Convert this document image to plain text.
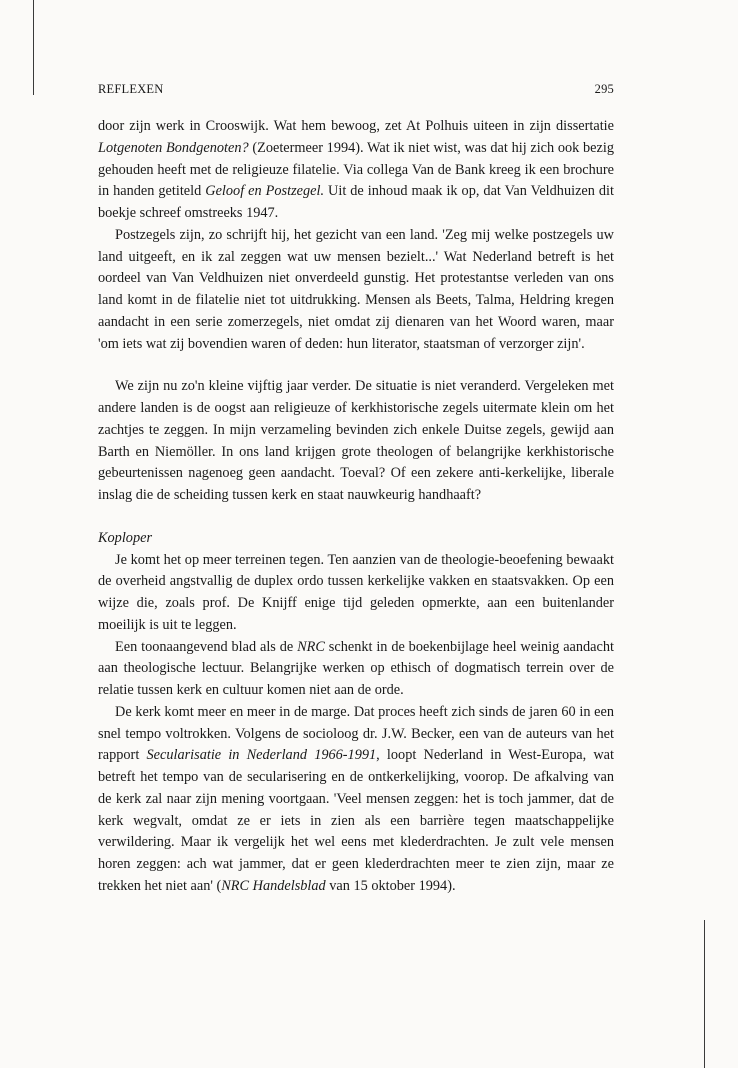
REFLEXEN	295

door zijn werk in Crooswijk. Wat hem bewoog, zet At Polhuis uiteen in zijn dissertatie Lotgenoten Bondgenoten? (Zoetermeer 1994). Wat ik niet wist, was dat hij zich ook bezig gehouden heeft met de religieuze filatelie. Via collega Van de Bank kreeg ik een brochure in handen getiteld Geloof en Postzegel. Uit de inhoud maak ik op, dat Van Veldhuizen dit boekje schreef omstreeks 1947.

Postzegels zijn, zo schrijft hij, het gezicht van een land. 'Zeg mij welke postzegels uw land uitgeeft, en ik zal zeggen wat uw mensen bezielt...' Wat Nederland betreft is het oordeel van Van Veldhuizen niet onverdeeld gunstig. Het protestantse verleden van ons land komt in de filatelie niet tot uitdrukking. Mensen als Beets, Talma, Heldring kregen aandacht in een serie zomerzegels, niet omdat zij dienaren van het Woord waren, maar 'om iets wat zij bovendien waren of deden: hun literator, staatsman of verzorger zijn'.

We zijn nu zo'n kleine vijftig jaar verder. De situatie is niet veranderd. Vergeleken met andere landen is de oogst aan religieuze of kerkhistorische zegels uitermate klein om het zachtjes te zeggen. In mijn verzameling bevinden zich enkele Duitse zegels, gewijd aan Barth en Niemöller. In ons land krijgen grote theologen of belangrijke kerkhistorische gebeurtenissen nagenoeg geen aandacht. Toeval? Of een zekere anti-kerkelijke, liberale inslag die de scheiding tussen kerk en staat nauwkeurig handhaaft?

Koploper

Je komt het op meer terreinen tegen. Ten aanzien van de theologie-beoefening bewaakt de overheid angstvallig de duplex ordo tussen kerkelijke vakken en staatsvakken. Op een wijze die, zoals prof. De Knijff enige tijd geleden opmerkte, aan een buitenlander moeilijk is uit te leggen.

Een toonaangevend blad als de NRC schenkt in de boekenbijlage heel weinig aandacht aan theologische lectuur. Belangrijke werken op ethisch of dogmatisch terrein over de relatie tussen kerk en cultuur komen niet aan de orde.

De kerk komt meer en meer in de marge. Dat proces heeft zich sinds de jaren 60 in een snel tempo voltrokken. Volgens de socioloog dr. J.W. Becker, een van de auteurs van het rapport Secularisatie in Nederland 1966-1991, loopt Nederland in West-Europa, wat betreft het tempo van de secularisering en de ontkerkelijking, voorop. De afkalving van de kerk zal naar zijn mening voortgaan. 'Veel mensen zeggen: het is toch jammer, dat de kerk wegvalt, omdat ze er iets in zien als een barrière tegen maatschappelijke verwildering. Maar ik vergelijk het wel eens met klederdrachten. Je zult vele mensen horen zeggen: ach wat jammer, dat er geen klederdrachten meer te zien zijn, maar ze trekken het niet aan' (NRC Handelsblad van 15 oktober 1994).
